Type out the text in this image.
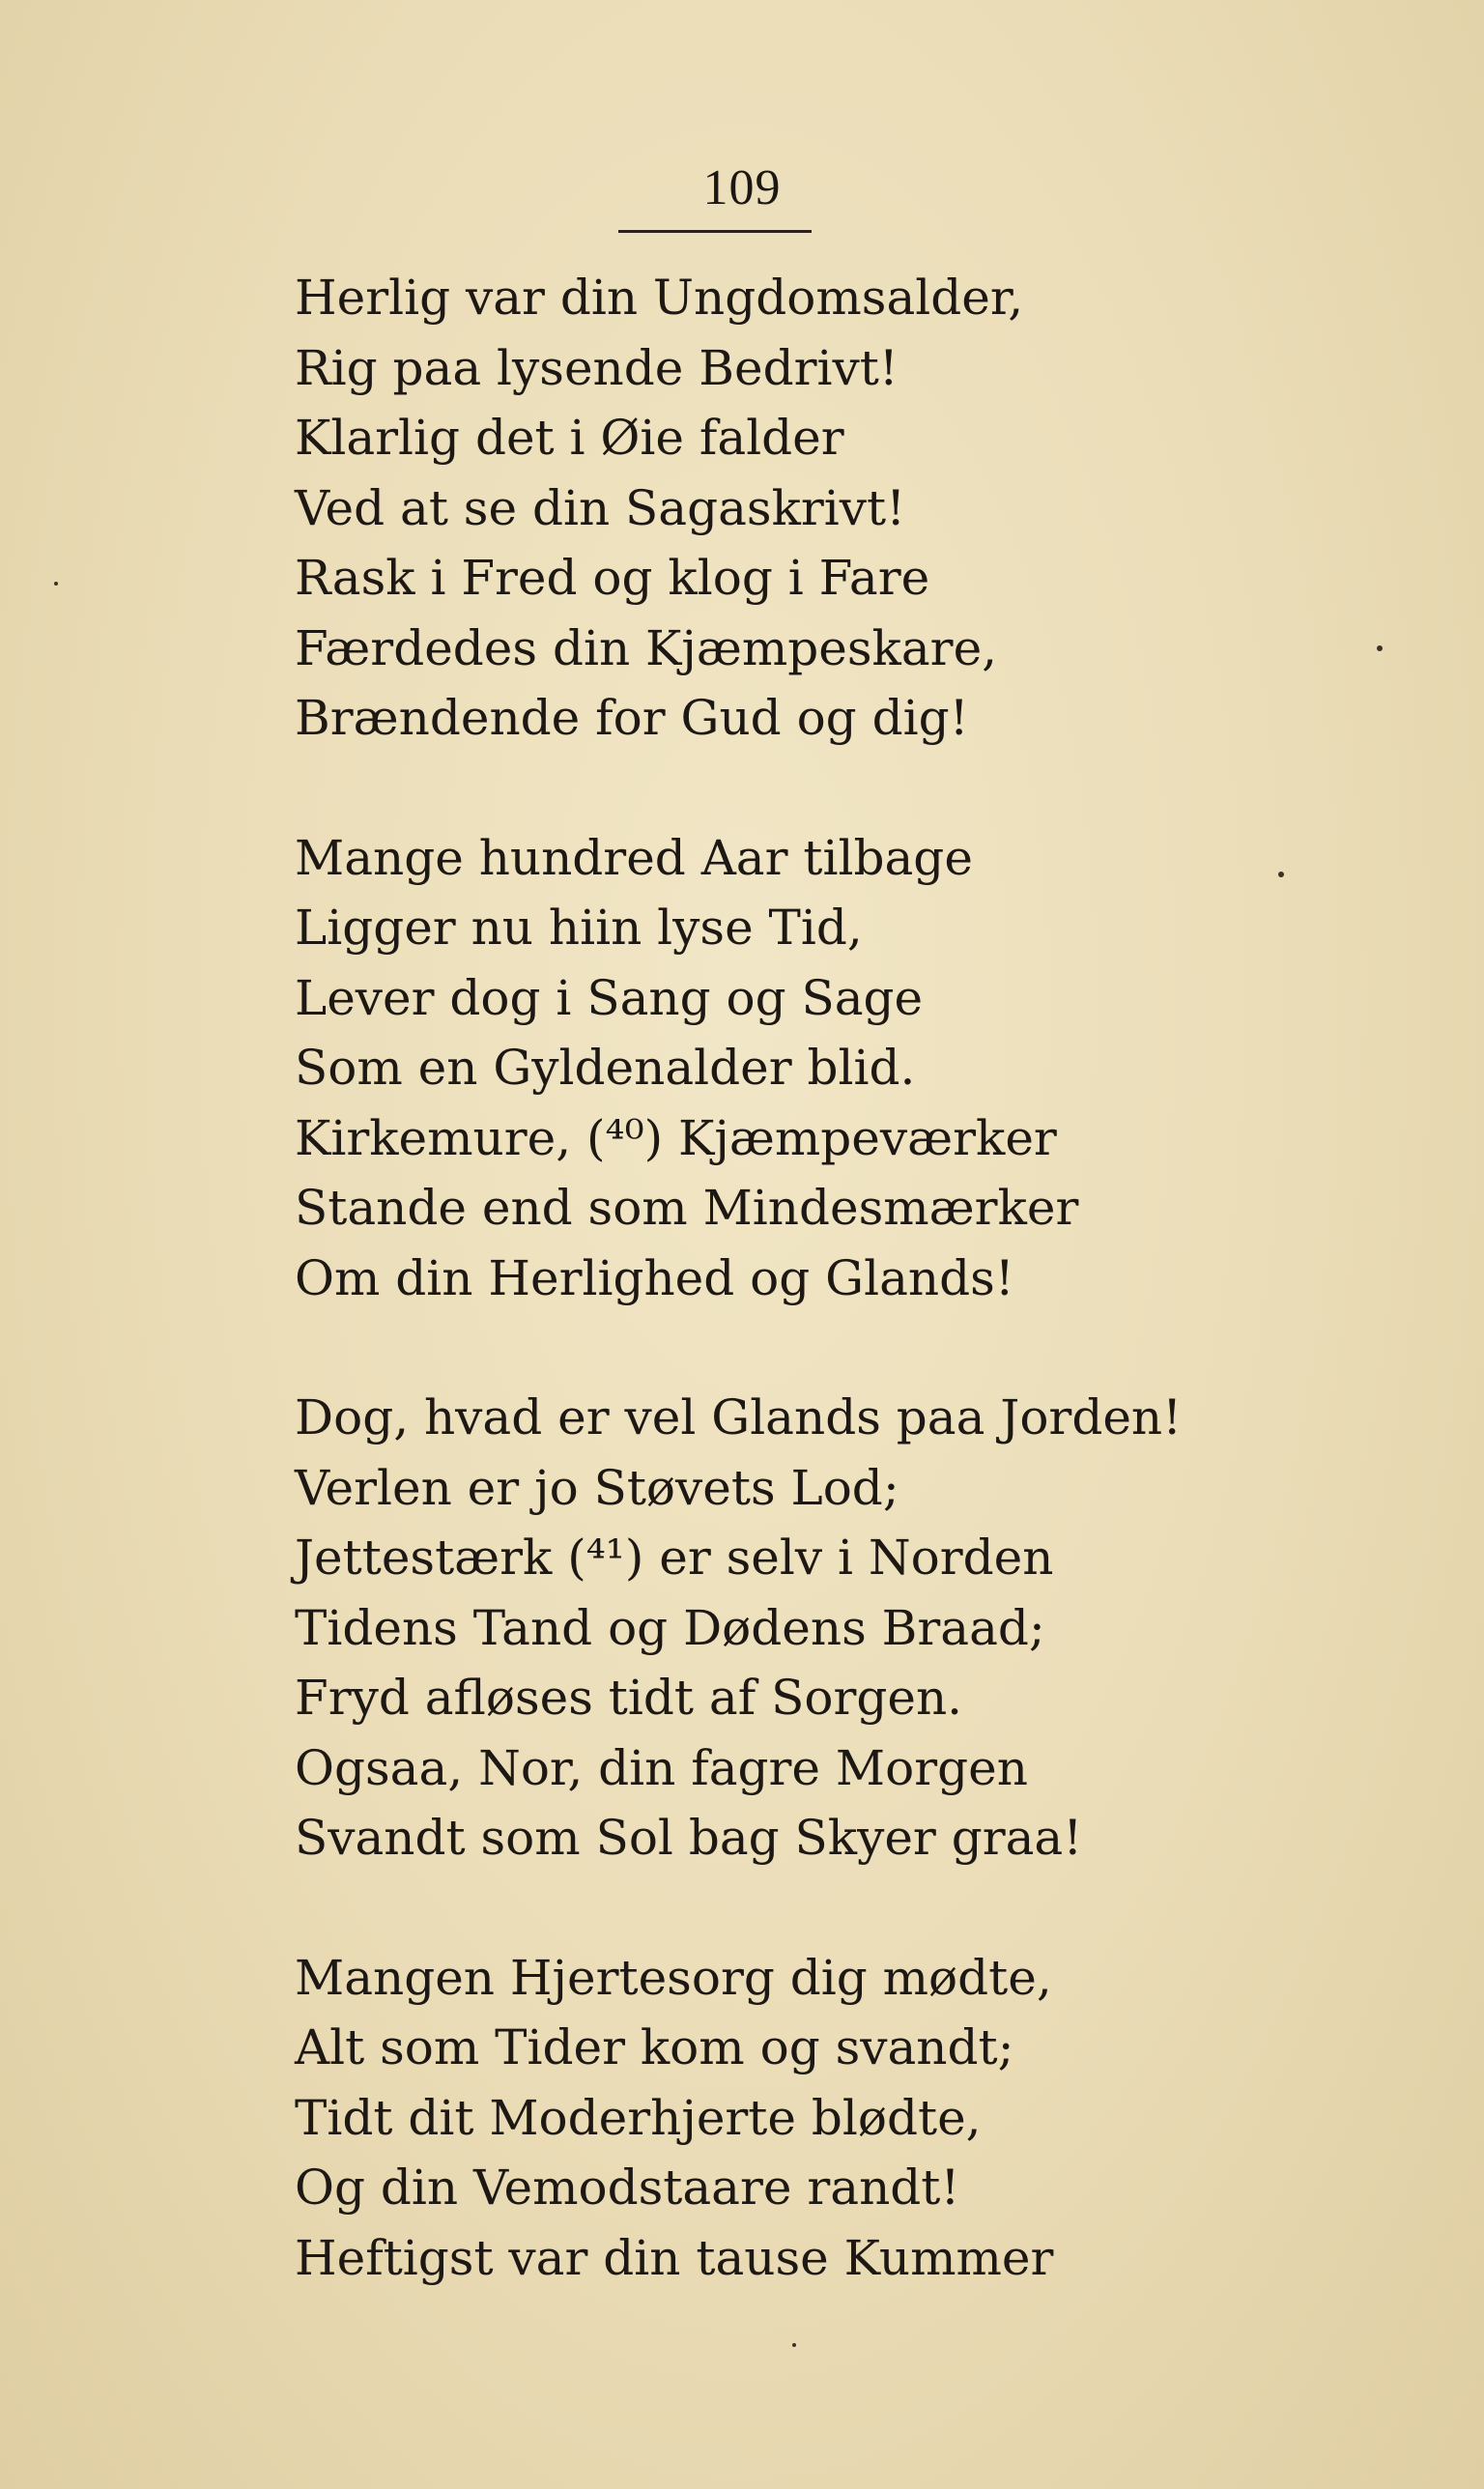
109
Herlig var din Ungdomsalder,
Rig paa lysende Bedrivt!
Klarlig det i Øie falder
Ved at se din Sagaskrivt!
Rask i Fred og klog i Fare
Færdedes din Kjæmpeskare,
Brændende for Gud og dig!
Mange hundred Aar tilbage
Ligger nu hiin lyse Tid,
Lever dog i Sang og Sage
Som en Gyldenalder blid.
Kirkemure, (⁴⁰) Kjæmpeværker
Stande end som Mindesmærker
Om din Herlighed og Glands!
Dog, hvad er vel Glands paa Jorden!
Verlen er jo Støvets Lod;
Jettestærk (⁴¹) er selv i Norden
Tidens Tand og Dødens Braad;
Fryd afløses tidt af Sorgen.
Ogsaa, Nor, din fagre Morgen
Svandt som Sol bag Skyer graa!
Mangen Hjertesorg dig mødte,
Alt som Tider kom og svandt;
Tidt dit Moderhjerte blødte,
Og din Vemodstaare randt!
Heftigst var din tause Kummer
